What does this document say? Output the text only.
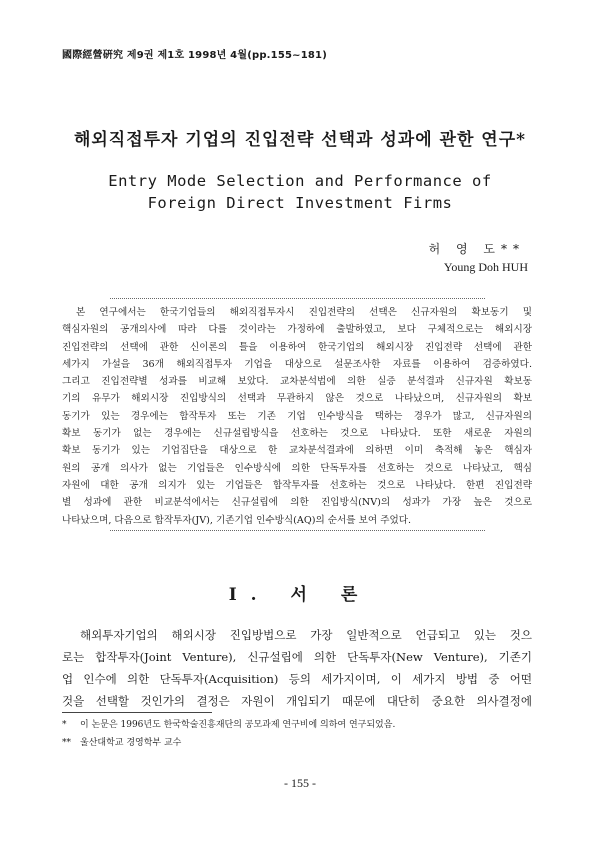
國際經營硏究 제9권 제1호 1998년 4월(pp.155~181)
해외직접투자 기업의 진입전략 선택과 성과에 관한 연구*
Entry Mode Selection and Performance of
Foreign Direct Investment Firms
허 영 도**
Young Doh HUH
본 연구에서는 한국기업들의 해외직접투자시 진입전략의 선택은 신규자원의 확보동기 및
핵심자원의 공개의사에 따라 다를 것이라는 가정하에 출발하였고, 보다 구체적으로는 해외시장
진입전략의 선택에 관한 신이론의 틀을 이용하여 한국기업의 해외시장 진입전략 선택에 관한
세가지 가설을 36개 해외직접투자 기업을 대상으로 설문조사한 자료를 이용하여 검증하였다.
그리고 진입전략별 성과를 비교해 보았다. 교차분석법에 의한 실증 분석결과 신규자원 확보동
기의 유무가 해외시장 진입방식의 선택과 무관하지 않은 것으로 나타났으며, 신규자원의 확보
동기가 있는 경우에는 합작투자 또는 기존 기업 인수방식을 택하는 경우가 많고, 신규자원의
확보 동기가 없는 경우에는 신규설립방식을 선호하는 것으로 나타났다. 또한 새로운 자원의
확보 동기가 있는 기업집단을 대상으로 한 교차분석결과에 의하면 이미 축적해 놓은 핵심자
원의 공개 의사가 없는 기업들은 인수방식에 의한 단독투자를 선호하는 것으로 나타났고, 핵심
자원에 대한 공개 의지가 있는 기업들은 합작투자를 선호하는 것으로 나타났다. 한편 진입전략
별 성과에 관한 비교분석에서는 신규설립에 의한 진입방식(NV)의 성과가 가장 높은 것으로
나타났으며, 다음으로 합작투자(JV), 기존기업 인수방식(AQ)의 순서를 보여 주었다.
I. 서 론
해외투자기업의 해외시장 진입방법으로 가장 일반적으로 언급되고 있는 것으
로는 합작투자(Joint Venture), 신규설립에 의한 단독투자(New Venture), 기존기
업 인수에 의한 단독투자(Acquisition) 등의 세가지이며, 이 세가지 방법 중 어떤
것을 선택할 것인가의 결정은 자원이 개입되기 때문에 대단히 중요한 의사결정에
* 이 논문은 1996년도 한국학술진흥재단의 공모과제 연구비에 의하여 연구되었음.
** 울산대학교 경영학부 교수
- 155 -
